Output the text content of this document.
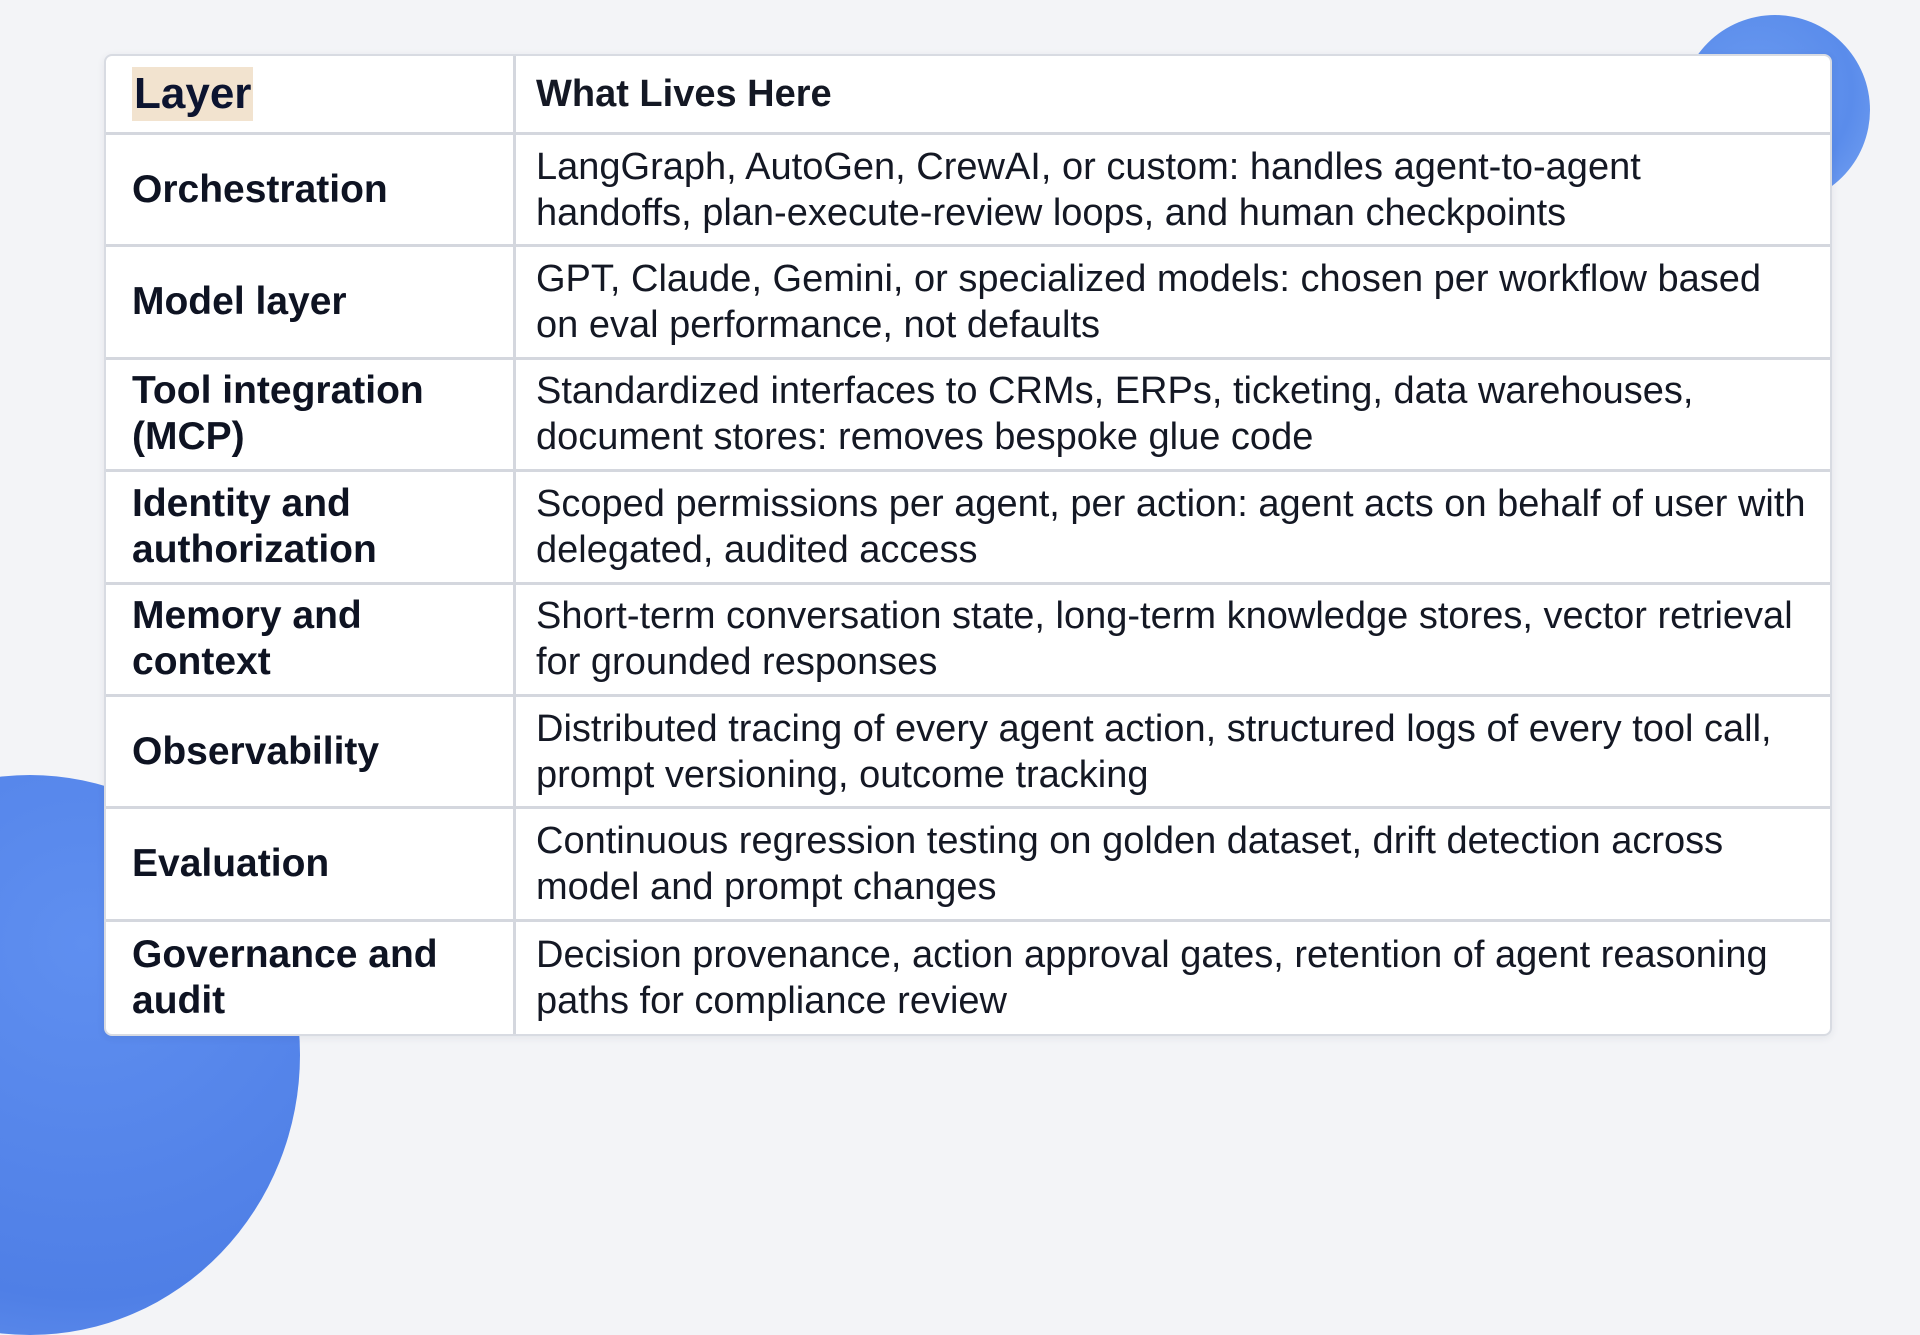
Layer	What Lives Here
Orchestration
LangGraph, AutoGen, CrewAI, or custom: handles agent-to-agent handoffs, plan-execute-review loops, and human checkpoints
Model layer
GPT, Claude, Gemini, or specialized models: chosen per workflow based on eval performance, not defaults
Tool integration (MCP)
Standardized interfaces to CRMs, ERPs, ticketing, data warehouses, document stores: removes bespoke glue code
Identity and authorization
Scoped permissions per agent, per action: agent acts on behalf of user with delegated, audited access
Memory and context
Short-term conversation state, long-term knowledge stores, vector retrieval for grounded responses
Observability
Distributed tracing of every agent action, structured logs of every tool call, prompt versioning, outcome tracking
Evaluation
Continuous regression testing on golden dataset, drift detection across model and prompt changes
Governance and audit
Decision provenance, action approval gates, retention of agent reasoning paths for compliance review
